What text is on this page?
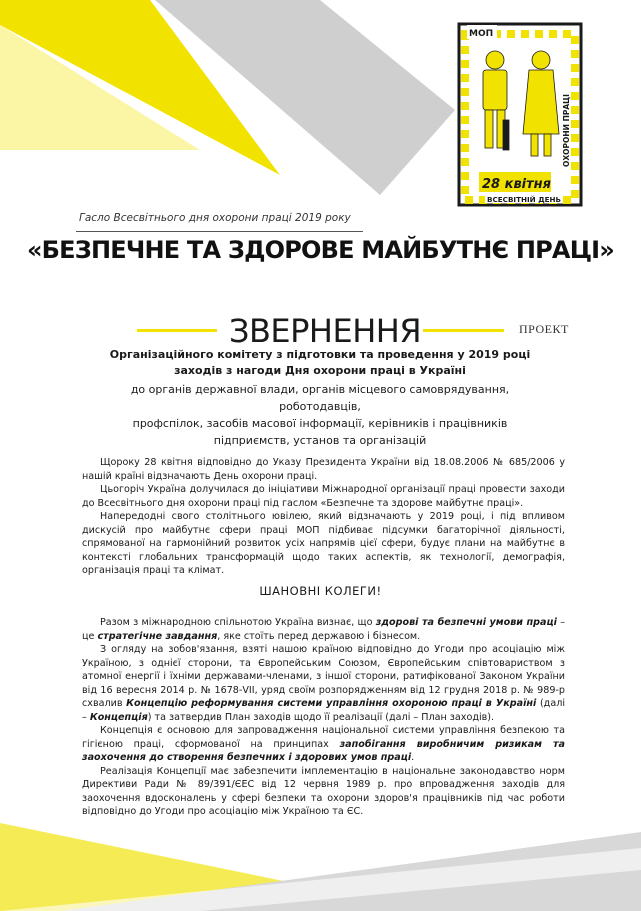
МОП
28 квітня
ОХОРОНИ ПРАЦІ
ВСЕСВІТНІЙ ДЕНЬ
Гасло Всесвітнього дня охорони праці 2019 року
«БЕЗПЕЧНЕ ТА ЗДОРОВЕ МАЙБУТНЄ ПРАЦІ»
ЗВЕРНЕННЯ	ПРОЕКТ
Організаційного комітету з підготовки та проведення у 2019 році
заходів з нагоди Дня охорони праці в Україні
до органів державної влади, органів місцевого самоврядування, роботодавців,
профспілок, засобів масової інформації, керівників і працівників
підприємств, установ та організацій

Щороку 28 квітня відповідно до Указу Президента України від 18.08.2006 № 685/2006 у нашій країні відзначають День охорони праці.

Цьогоріч Україна долучилася до ініціативи Міжнародної організації праці провести заходи до Всесвітнього дня охорони праці під гаслом «Безпечне та здорове майбутнє праці».

Напередодні свого столітнього ювілею, який відзначають у 2019 році, і під впливом дискусій про майбутнє сфери праці МОП підбиває підсумки багаторічної діяльності, спрямованої на гармонійний розвиток усіх напрямів цієї сфери, будує плани на майбутнє в контексті глобальних трансформацій щодо таких аспектів, як технології, демографія, організація праці та клімат.

ШАНОВНІ КОЛЕГИ!

Разом з міжнародною спільнотою Україна визнає, що здорові та безпечні умови праці – це стратегічне завдання, яке стоїть перед державою і бізнесом.

З огляду на зобов'язання, взяті нашою країною відповідно до Угоди про асоціацію між Україною, з однієї сторони, та Європейським Союзом, Європейським співтовариством з атомної енергії і їхніми державами-членами, з іншої сторони, ратифікованої Законом України від 16 вересня 2014 р. № 1678-VII, уряд своїм розпорядженням від 12 грудня 2018 р. № 989-р схвалив Концепцію реформування системи управління охороною праці в Україні (далі – Концепція) та затвердив План заходів щодо її реалізації (далі – План заходів).

Концепція є основою для запровадження національної системи управління безпекою та гігієною праці, сформованої на принципах запобігання виробничим ризикам та заохочення до створення безпечних і здорових умов праці.

Реалізація Концепції має забезпечити імплементацію в національне законодавство норм Директиви Ради № 89/391/ЄЕС від 12 червня 1989 р. про впровадження заходів для заохочення вдосконалень у сфері безпеки та охорони здоров'я працівників під час роботи відповідно до Угоди про асоціацію між Україною та ЄС.
